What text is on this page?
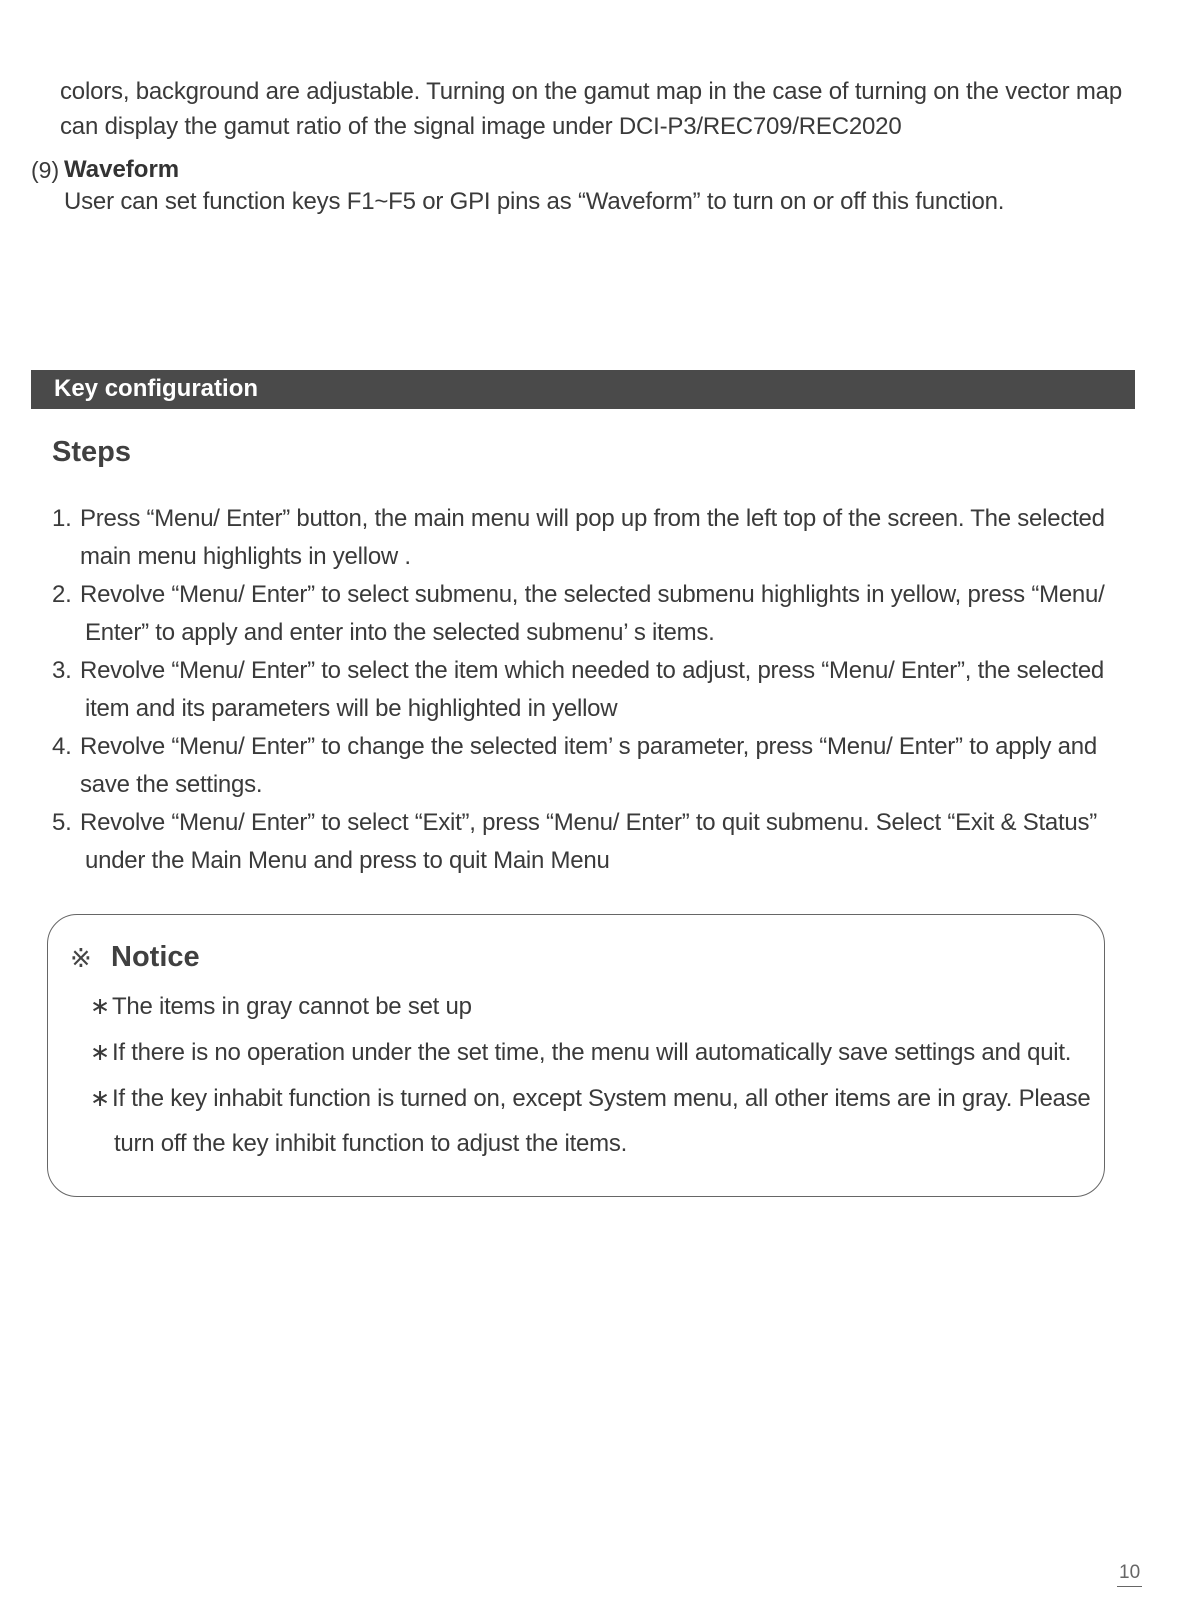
colors, background are adjustable. Turning on the gamut map in the case of turning on the vector map

can display the gamut ratio of the signal image under DCI-P3/REC709/REC2020

(9) Waveform

User can set function keys F1~F5 or GPI pins as “Waveform” to turn on or off this function.

Key configuration
Steps
1. Press “Menu/ Enter” button, the main menu will pop up from the left top of the screen. The selected
main menu highlights in yellow .
2. Revolve “Menu/ Enter” to select submenu, the selected submenu highlights in yellow, press “Menu/
Enter” to apply and enter into the selected submenu’ s items.
3. Revolve “Menu/ Enter” to select the item which needed to adjust, press “Menu/ Enter”, the selected
item and its parameters will be highlighted in yellow
4. Revolve “Menu/ Enter” to change the selected item’ s parameter, press “Menu/ Enter” to apply and
save the settings.
5. Revolve “Menu/ Enter” to select “Exit”, press “Menu/ Enter” to quit submenu. Select “Exit & Status”
under the Main Menu and press to quit Main Menu
※ Notice
∗The items in gray cannot be set up
∗If there is no operation under the set time, the menu will automatically save settings and quit.
∗If the key inhabit function is turned on, except System menu, all other items are in gray. Please
turn off the key inhibit function to adjust the items.
10
